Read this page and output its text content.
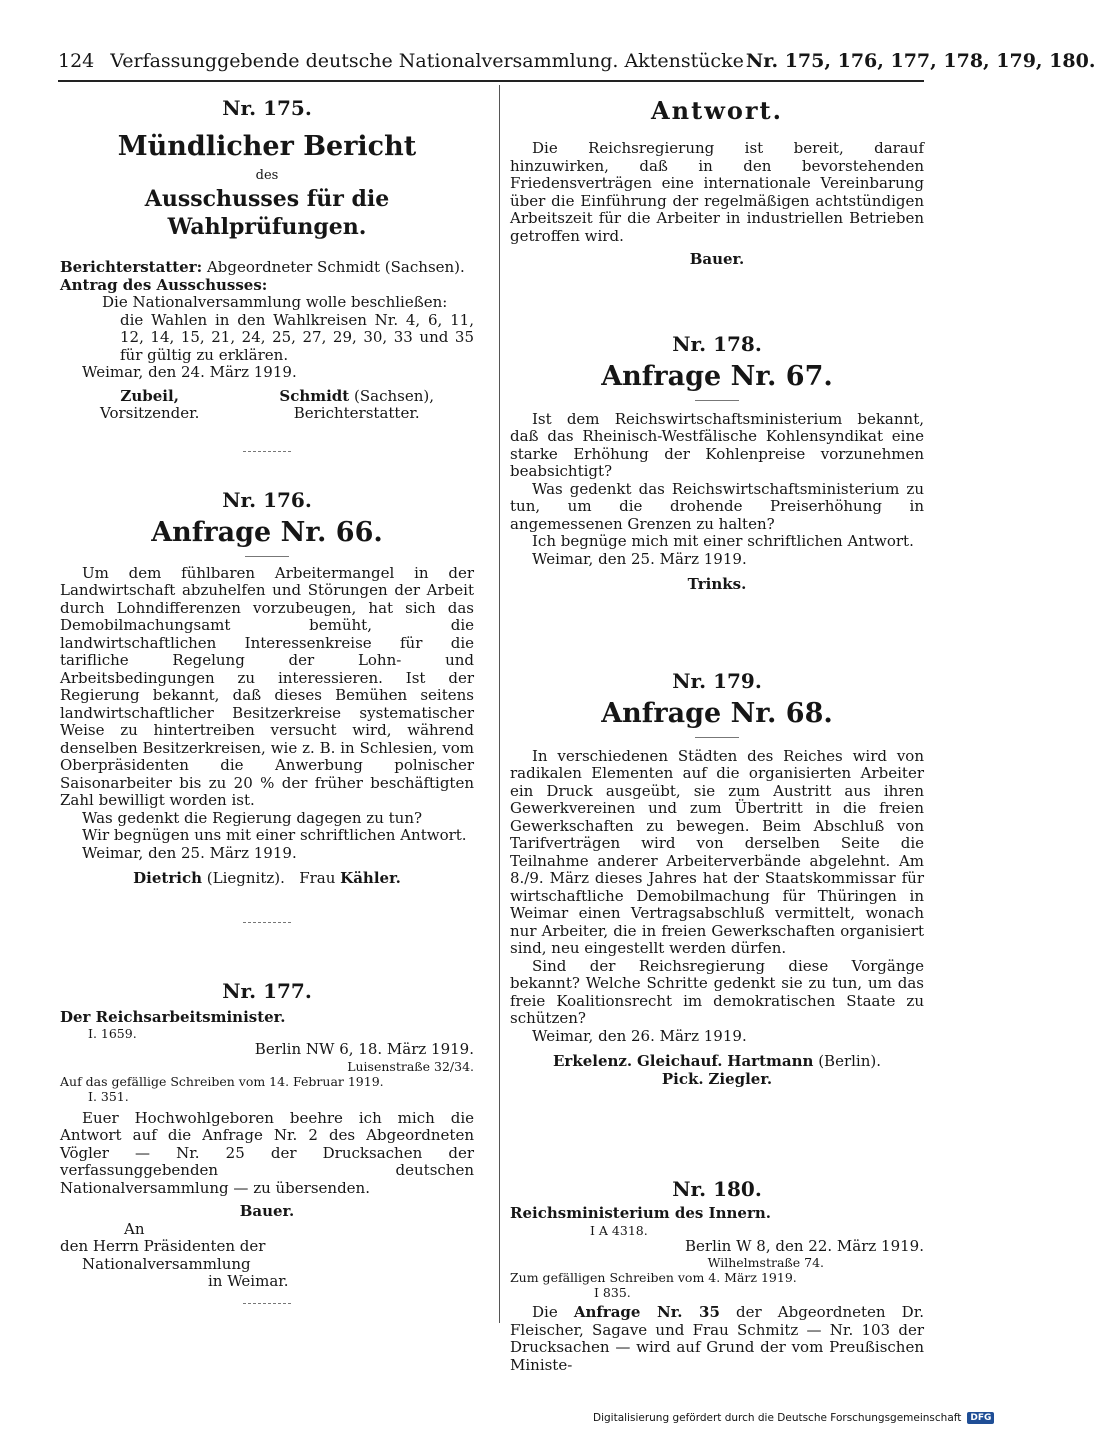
124 Verfassunggebende deutsche Nationalversammlung. Aktenstücke Nr. 175, 176, 177, 178, 179, 180.
Nr. 175.
Mündlicher Bericht
des
Ausschusses für die Wahlprüfungen.

Berichterstatter: Abgeordneter Schmidt (Sachsen).

Antrag des Ausschusses:

Die Nationalversammlung wolle beschließen:

die Wahlen in den Wahlkreisen Nr. 4, 6, 11, 12, 14, 15, 21, 24, 25, 27, 29, 30, 33 und 35 für gültig zu erklären.

Weimar, den 24. März 1919.

Zubeil,
Vorsitzender.
Schmidt (Sachsen),
Berichterstatter.
Nr. 176.
Anfrage Nr. 66.

Um dem fühlbaren Arbeitermangel in der Landwirtschaft abzuhelfen und Störungen der Arbeit durch Lohndifferenzen vorzubeugen, hat sich das Demobilmachungsamt bemüht, die landwirtschaftlichen Interessenkreise für die tarifliche Regelung der Lohn- und Arbeitsbedingungen zu interessieren. Ist der Regierung bekannt, daß dieses Bemühen seitens landwirtschaftlicher Besitzerkreise systematischer Weise zu hintertreiben versucht wird, während denselben Besitzerkreisen, wie z. B. in Schlesien, vom Oberpräsidenten die Anwerbung polnischer Saisonarbeiter bis zu 20 % der früher beschäftigten Zahl bewilligt worden ist.

Was gedenkt die Regierung dagegen zu tun?

Wir begnügen uns mit einer schriftlichen Antwort.

Weimar, den 25. März 1919.

Dietrich (Liegnitz). Frau Kähler.
Nr. 177.

Der Reichsarbeitsminister.

I. 1659.

Berlin NW 6, 18. März 1919.

Luisenstraße 32/34.

Auf das gefällige Schreiben vom 14. Februar 1919.

I. 351.

Euer Hochwohlgeboren beehre ich mich die Antwort auf die Anfrage Nr. 2 des Abgeordneten Vögler — Nr. 25 der Drucksachen der verfassunggebenden deutschen Nationalversammlung — zu übersenden.

Bauer.

An

den Herrn Präsidenten der

Nationalversammlung

in Weimar.

Antwort.

Die Reichsregierung ist bereit, darauf hinzuwirken, daß in den bevorstehenden Friedensverträgen eine internationale Vereinbarung über die Einführung der regelmäßigen achtstündigen Arbeitszeit für die Arbeiter in industriellen Betrieben getroffen wird.

Bauer.
Nr. 178.
Anfrage Nr. 67.

Ist dem Reichswirtschaftsministerium bekannt, daß das Rheinisch-Westfälische Kohlensyndikat eine starke Erhöhung der Kohlenpreise vorzunehmen beabsichtigt?

Was gedenkt das Reichswirtschaftsministerium zu tun, um die drohende Preiserhöhung in angemessenen Grenzen zu halten?

Ich begnüge mich mit einer schriftlichen Antwort.

Weimar, den 25. März 1919.

Trinks.
Nr. 179.
Anfrage Nr. 68.

In verschiedenen Städten des Reiches wird von radikalen Elementen auf die organisierten Arbeiter ein Druck ausgeübt, sie zum Austritt aus ihren Gewerkvereinen und zum Übertritt in die freien Gewerkschaften zu bewegen. Beim Abschluß von Tarifverträgen wird von derselben Seite die Teilnahme anderer Arbeiterverbände abgelehnt. Am 8./9. März dieses Jahres hat der Staatskommissar für wirtschaftliche Demobilmachung für Thüringen in Weimar einen Vertragsabschluß vermittelt, wonach nur Arbeiter, die in freien Gewerkschaften organisiert sind, neu eingestellt werden dürfen.

Sind der Reichsregierung diese Vorgänge bekannt? Welche Schritte gedenkt sie zu tun, um das freie Koalitionsrecht im demokratischen Staate zu schützen?

Weimar, den 26. März 1919.

Erkelenz. Gleichauf. Hartmann (Berlin).
Pick. Ziegler.
Nr. 180.

Reichsministerium des Innern.

I A 4318.

Berlin W 8, den 22. März 1919.

Wilhelmstraße 74.

Zum gefälligen Schreiben vom 4. März 1919.

I 835.

Die Anfrage Nr. 35 der Abgeordneten Dr. Fleischer, Sagave und Frau Schmitz — Nr. 103 der Drucksachen — wird auf Grund der vom Preußischen Ministe-

Digitalisierung gefördert durch die Deutsche Forschungsgemeinschaft	DFG
